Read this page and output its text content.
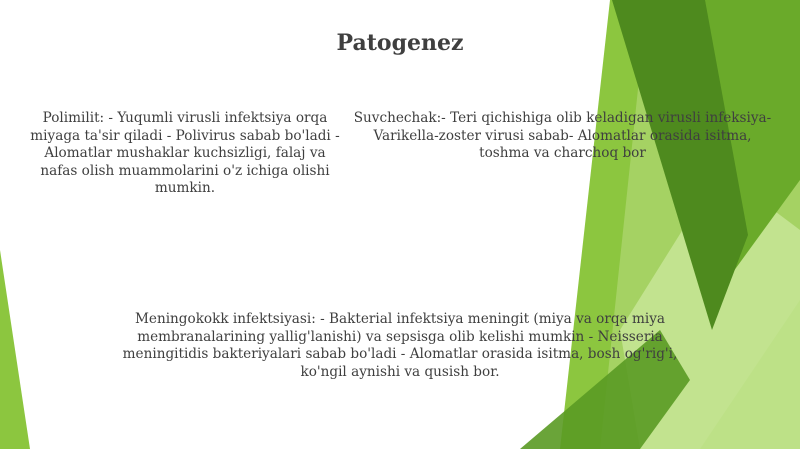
Patogenez
Polimilit: - Yuqumli virusli infektsiya orqa miyaga ta'sir qiladi - Polivirus sabab bo'ladi - Alomatlar mushaklar kuchsizligi, falaj va nafas olish muammolarini o'z ichiga olishi mumkin.
Suvchechak:- Teri qichishiga olib keladigan virusli infeksiya- Varikella-zoster virusi sabab- Alomatlar orasida isitma, toshma va charchoq bor
Meningokokk infektsiyasi: - Bakterial infektsiya meningit (miya va orqa miya membranalarining yallig'lanishi) va sepsisga olib kelishi mumkin - Neisseria meningitidis bakteriyalari sabab bo'ladi - Alomatlar orasida isitma, bosh og'rig'i, ko'ngil aynishi va qusish bor.
